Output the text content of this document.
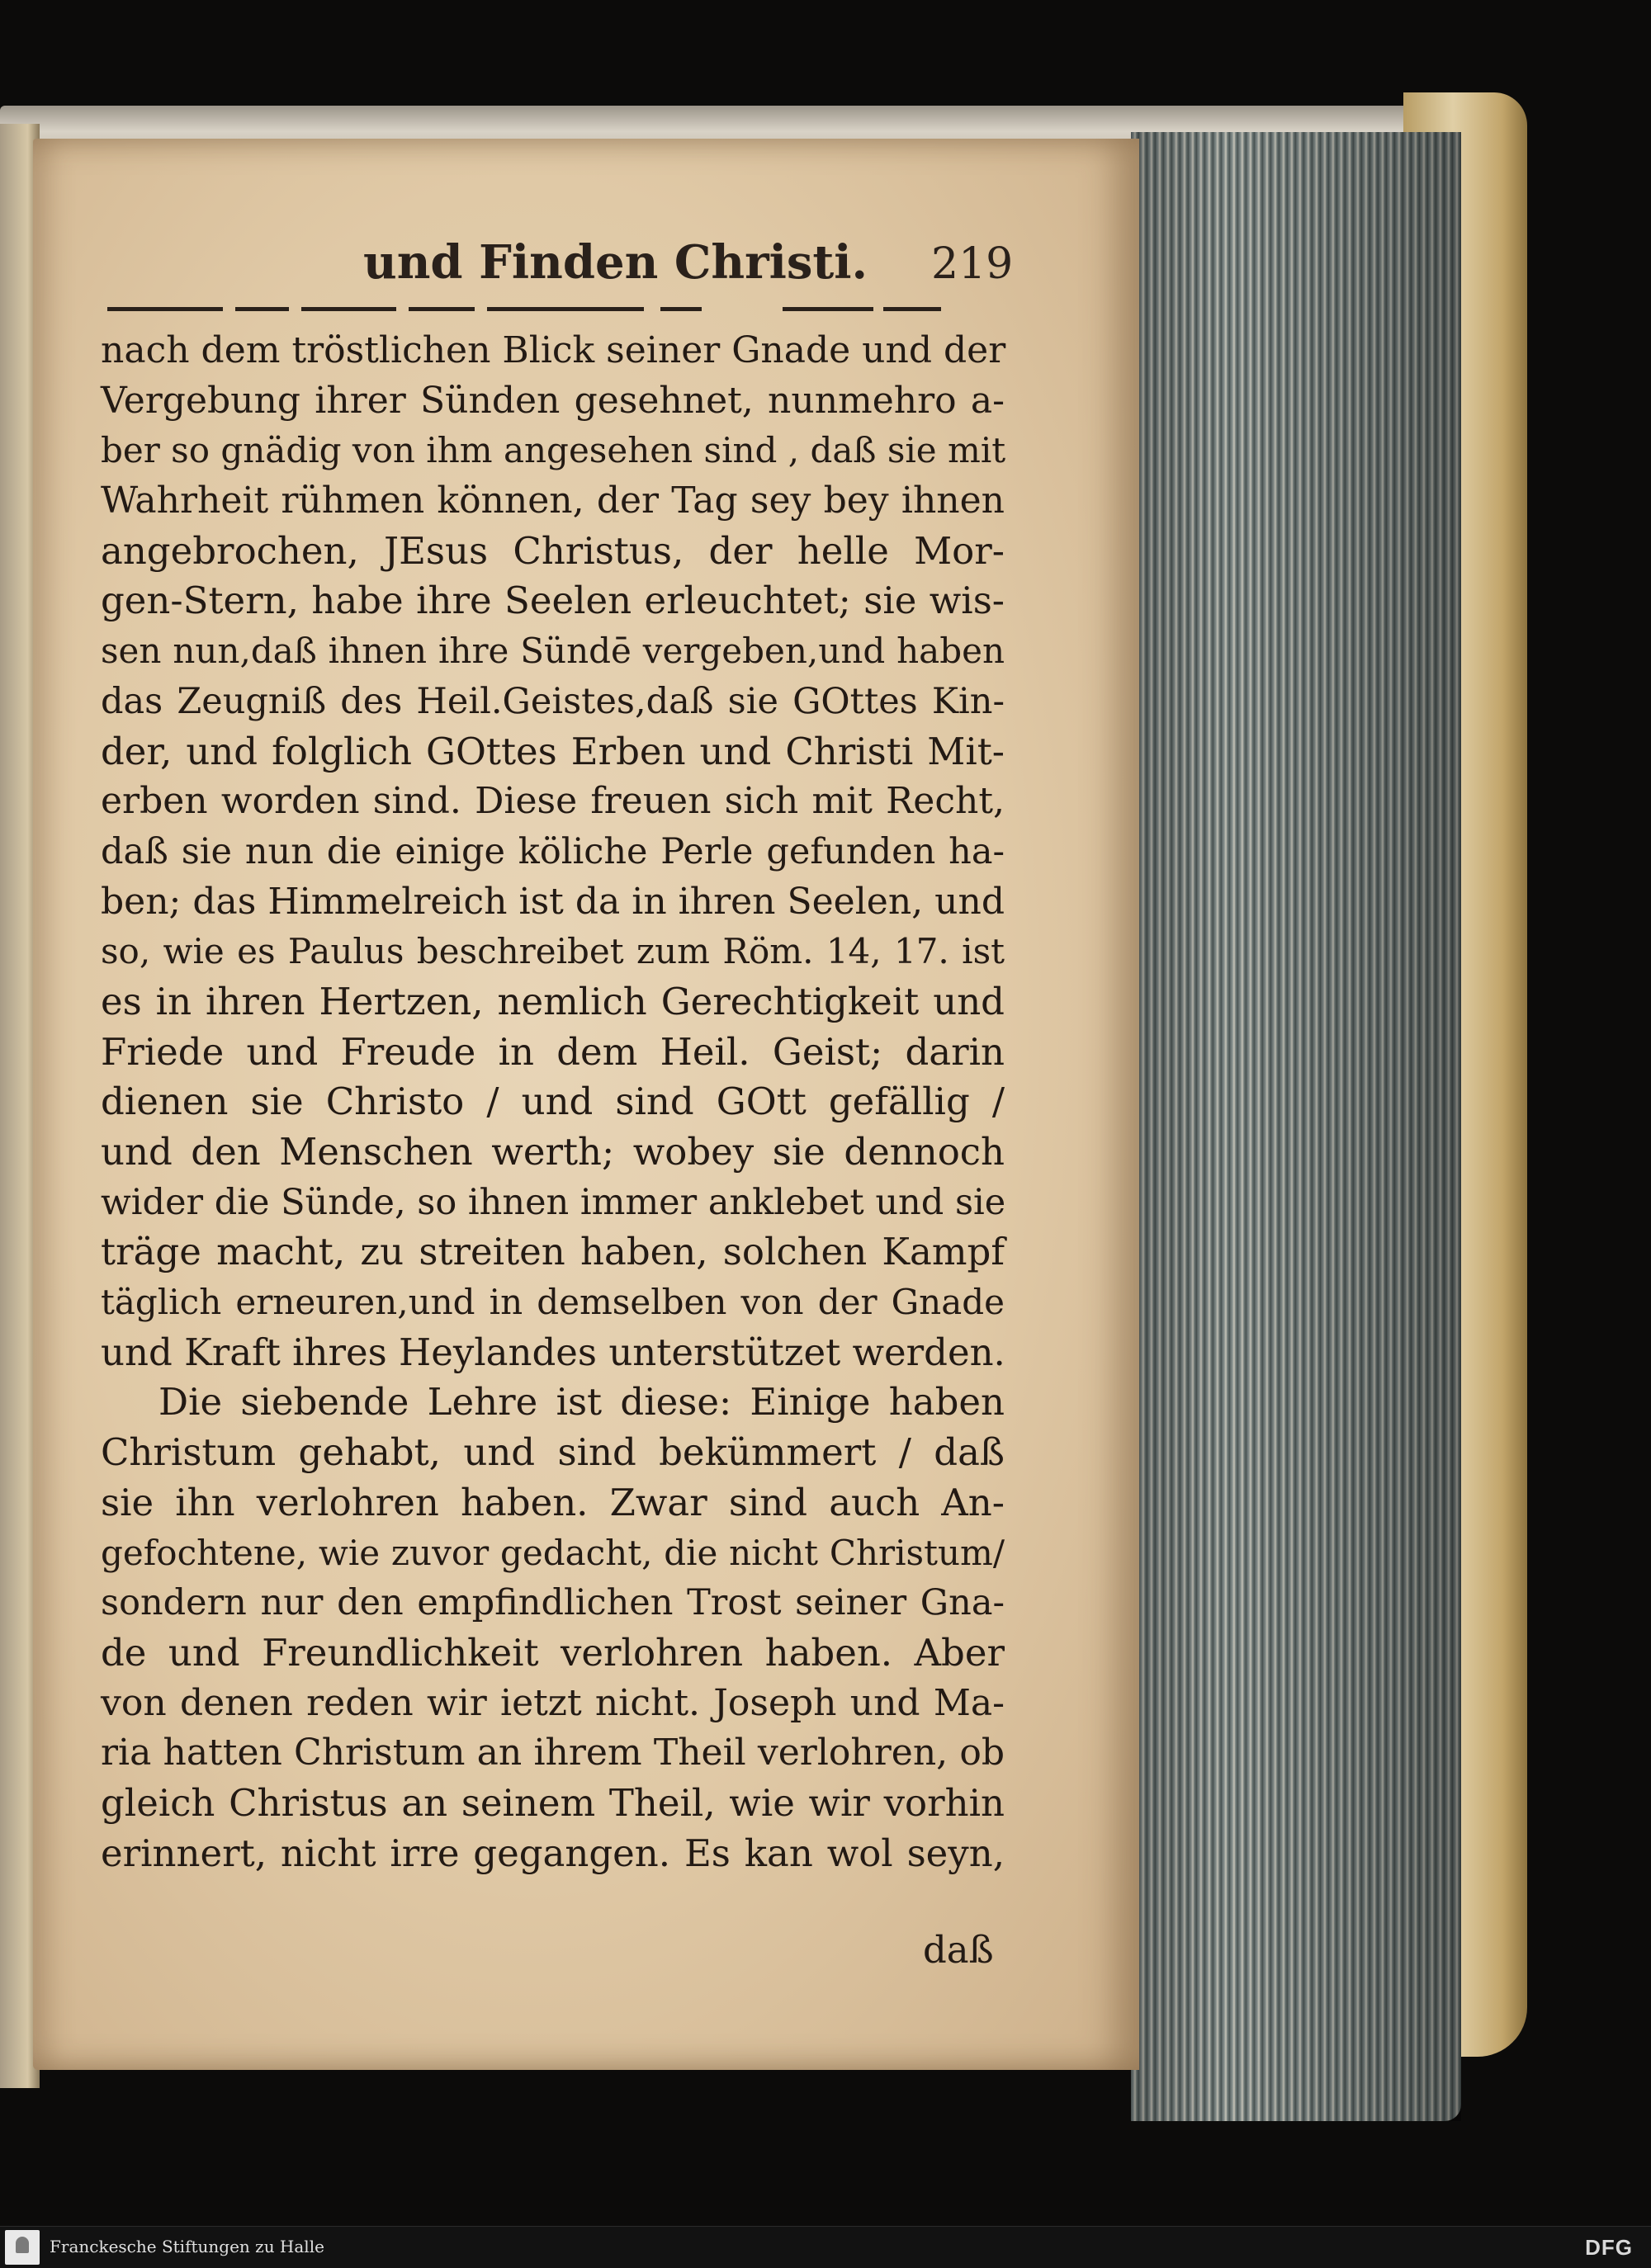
und Finden Christi. 219
nach dem tröstlichen Blick seiner Gnade und der
Vergebung ihrer Sünden gesehnet, nunmehro a-
ber so gnädig von ihm angesehen sind , daß sie mit
Wahrheit rühmen können, der Tag sey bey ihnen
angebrochen, JEsus Christus, der helle Mor-
gen-Stern, habe ihre Seelen erleuchtet; sie wis-
sen nun,daß ihnen ihre Sündē vergeben,und haben
das Zeugniß des Heil.Geistes,daß sie GOttes Kin-
der, und folglich GOttes Erben und Christi Mit-
erben worden sind. Diese freuen sich mit Recht,
daß sie nun die einige köliche Perle gefunden ha-
ben; das Himmelreich ist da in ihren Seelen, und
so, wie es Paulus beschreibet zum Röm. 14, 17. ist
es in ihren Hertzen, nemlich Gerechtigkeit und
Friede und Freude in dem Heil. Geist; darin
dienen sie Christo / und sind GOtt gefällig /
und den Menschen werth; wobey sie dennoch
wider die Sünde, so ihnen immer anklebet und sie
träge macht, zu streiten haben, solchen Kampf
täglich erneuren,und in demselben von der Gnade
und Kraft ihres Heylandes unterstützet werden.
Die siebende Lehre ist diese: Einige haben
Christum gehabt, und sind bekümmert / daß
sie ihn verlohren haben. Zwar sind auch An-
gefochtene, wie zuvor gedacht, die nicht Christum/
sondern nur den empfindlichen Trost seiner Gna-
de und Freundlichkeit verlohren haben. Aber
von denen reden wir ietzt nicht. Joseph und Ma-
ria hatten Christum an ihrem Theil verlohren, ob
gleich Christus an seinem Theil, wie wir vorhin
erinnert, nicht irre gegangen. Es kan wol seyn,
daß
Franckesche Stiftungen zu Halle	DFG
